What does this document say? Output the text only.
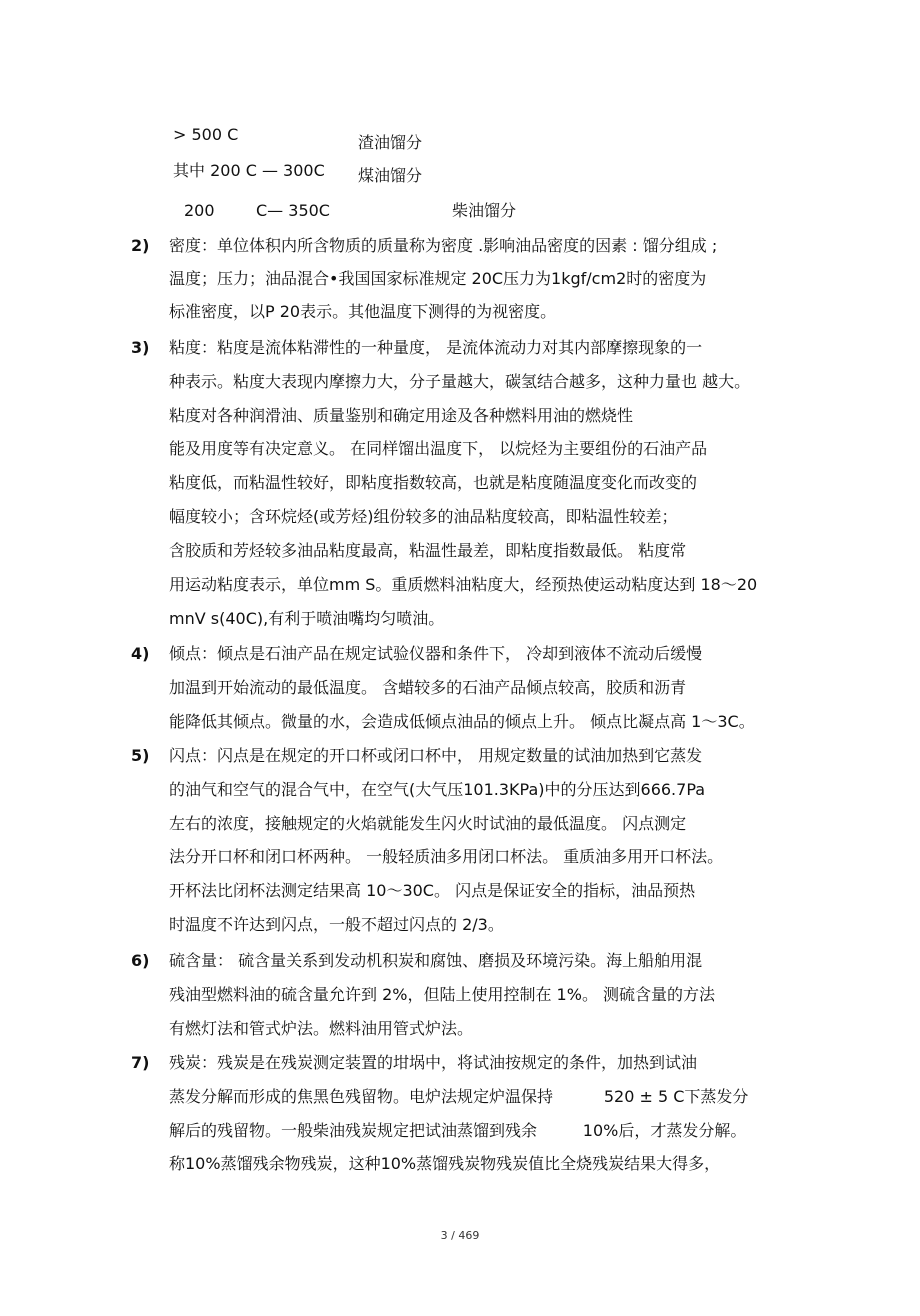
> 500 C	渣油馏分
其中 200 C — 300C 煤油馏分
200	C— 350C	柴油馏分
2) 密度：单位体积内所含物质的质量称为密度 .影响油品密度的因素 : 馏分组成 ;
温度；压力；油品混合•我国国家标准规定 20C压力为1kgf/cm2时的密度为
标准密度，以P 20表示。其他温度下测得的为视密度。
3) 粘度：粘度是流体粘滞性的一种量度， 是流体流动力对其内部摩擦现象的一
种表示。粘度大表现内摩擦力大，分子量越大，碳氢结合越多，这种力量也 越大。
粘度对各种润滑油、质量鉴别和确定用途及各种燃料用油的燃烧性
能及用度等有决定意义。 在同样馏出温度下， 以烷烃为主要组份的石油产品
粘度低，而粘温性较好，即粘度指数较高，也就是粘度随温度变化而改变的
幅度较小；含环烷烃(或芳烃)组份较多的油品粘度较高，即粘温性较差；
含胶质和芳烃较多油品粘度最高，粘温性最差，即粘度指数最低。 粘度常
用运动粘度表示，单位mm S。重质燃料油粘度大，经预热使运动粘度达到 18～20
mnV s(40C),有利于喷油嘴均匀喷油。
4) 倾点：倾点是石油产品在规定试验仪器和条件下， 冷却到液体不流动后缓慢
加温到开始流动的最低温度。 含蜡较多的石油产品倾点较高，胶质和沥青
能降低其倾点。微量的水，会造成低倾点油品的倾点上升。 倾点比凝点高 1～3C。
5) 闪点：闪点是在规定的开口杯或闭口杯中， 用规定数量的试油加热到它蒸发
的油气和空气的混合气中，在空气(大气压101.3KPa)中的分压达到666.7Pa
左右的浓度，接触规定的火焰就能发生闪火时试油的最低温度。 闪点测定
法分开口杯和闭口杯两种。 一般轻质油多用闭口杯法。 重质油多用开口杯法。
开杯法比闭杯法测定结果高 10～30C。 闪点是保证安全的指标，油品预热
时温度不许达到闪点，一般不超过闪点的 2/3。
6) 硫含量： 硫含量关系到发动机积炭和腐蚀、磨损及环境污染。海上船舶用混
残油型燃料油的硫含量允许到 2%，但陆上使用控制在 1%。 测硫含量的方法
有燃灯法和管式炉法。燃料油用管式炉法。
7) 残炭：残炭是在残炭测定装置的坩埚中，将试油按规定的条件，加热到试油
蒸发分解而形成的焦黑色残留物。电炉法规定炉温保持          520 ± 5 C下蒸发分
解后的残留物。一般柴油残炭规定把试油蒸馏到残余         10%后，才蒸发分解。
称10%蒸馏残余物残炭，这种10%蒸馏残炭物残炭值比全烧残炭结果大得多，
3 / 469
